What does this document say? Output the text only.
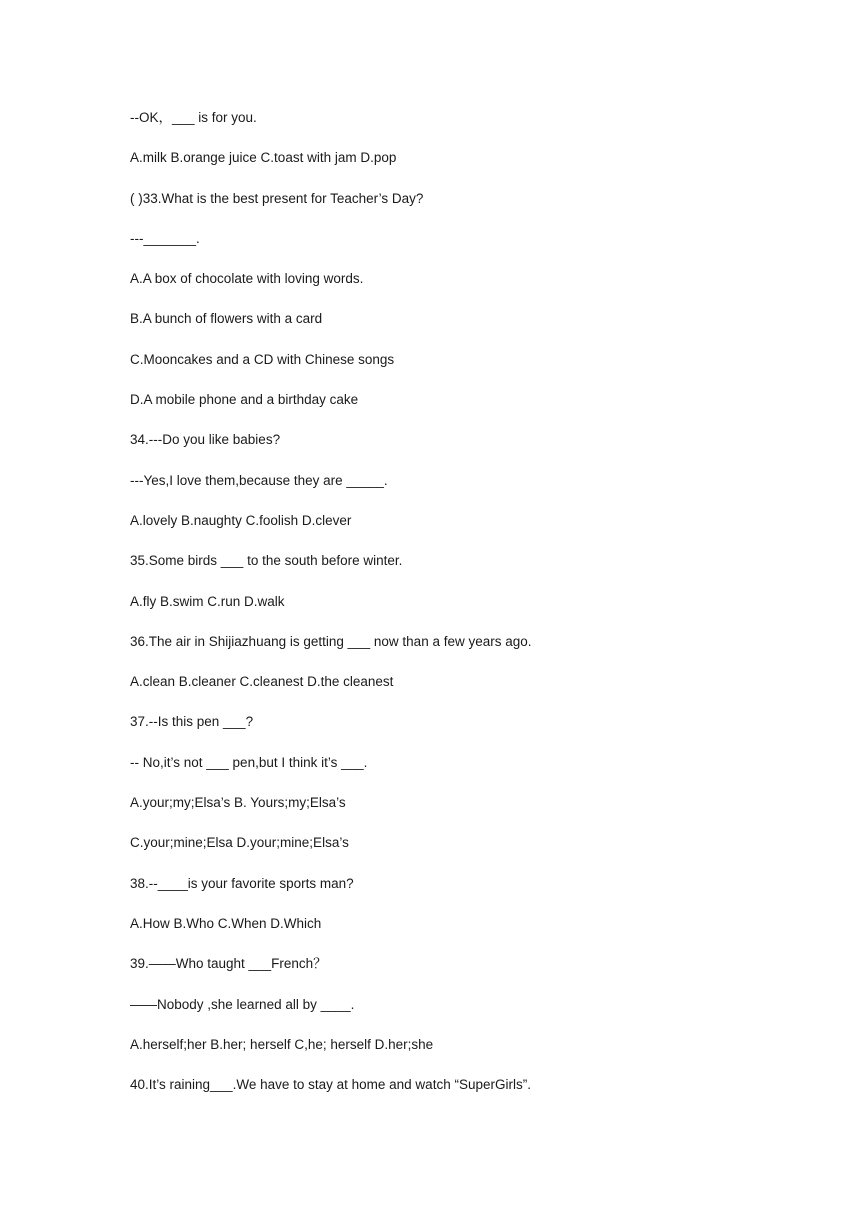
--OK，___ is for you.
A.milk B.orange juice C.toast with jam D.pop
( )33.What is the best present for Teacher’s Day?
---_______.
A.A box of chocolate with loving words.
B.A bunch of flowers with a card
C.Mooncakes and a CD with Chinese songs
D.A mobile phone and a birthday cake
34.---Do you like babies?
---Yes,I love them,because they are _____.
A.lovely B.naughty C.foolish D.clever
35.Some birds ___ to the south before winter.
A.fly B.swim C.run D.walk
36.The air in Shijiazhuang is getting ___ now than a few years ago.
A.clean B.cleaner C.cleanest D.the cleanest
37.--Is this pen ___?
-- No,it’s not ___ pen,but I think it’s ___.
A.your;my;Elsa’s B. Yours;my;Elsa’s
C.your;mine;Elsa D.your;mine;Elsa’s
38.--____is your favorite sports man?
A.How B.Who C.When D.Which
39.——Who taught ___French？
——Nobody ,she learned all by ____.
A.herself;her B.her; herself C,he; herself D.her;she
40.It’s raining___.We have to stay at home and watch “SuperGirls”.
